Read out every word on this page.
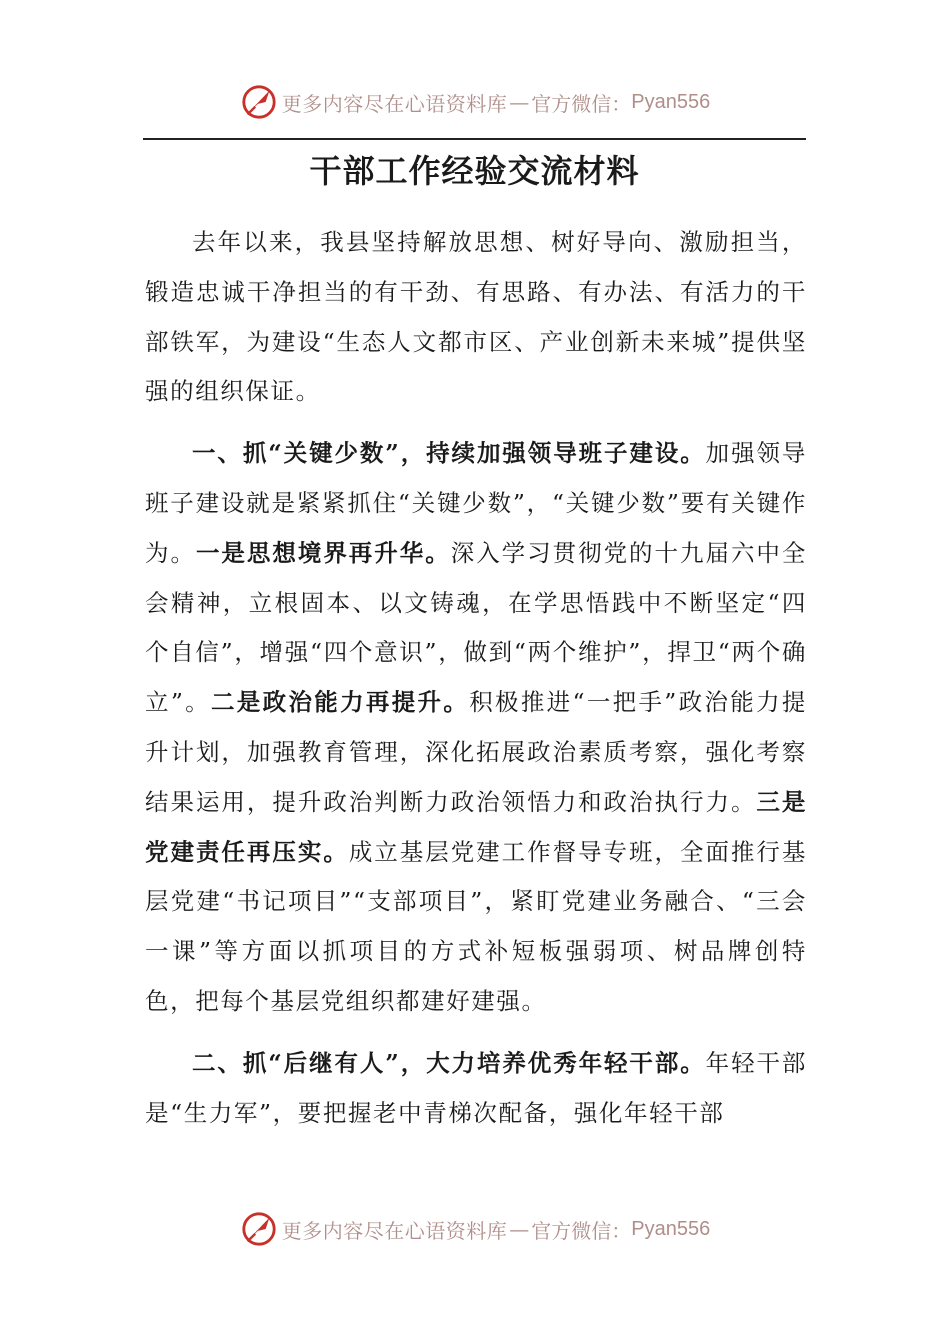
更多内容尽在心语资料库 — 官方微信： Pyan556
干部工作经验交流材料

去年以来，我县坚持解放思想、树好导向、激励担当，锻造忠诚干净担当的有干劲、有思路、有办法、有活力的干部铁军，为建设“生态人文都市区、产业创新未来城”提供坚强的组织保证。

一、抓“关键少数”，持续加强领导班子建设。加强领导班子建设就是紧紧抓住“关键少数”，“关键少数”要有关键作为。一是思想境界再升华。深入学习贯彻党的十九届六中全会精神，立根固本、以文铸魂，在学思悟践中不断坚定“四个自信”，增强“四个意识”，做到“两个维护”，捍卫“两个确立”。二是政治能力再提升。积极推进“一把手”政治能力提升计划，加强教育管理，深化拓展政治素质考察，强化考察结果运用，提升政治判断力政治领悟力和政治执行力。三是党建责任再压实。成立基层党建工作督导专班，全面推行基层党建“书记项目”“支部项目”，紧盯党建业务融合、“三会一课”等方面以抓项目的方式补短板强弱项、树品牌创特色，把每个基层党组织都建好建强。

二、抓“后继有人”，大力培养优秀年轻干部。年轻干部是“生力军”，要把握老中青梯次配备，强化年轻干部

更多内容尽在心语资料库 — 官方微信： Pyan556
